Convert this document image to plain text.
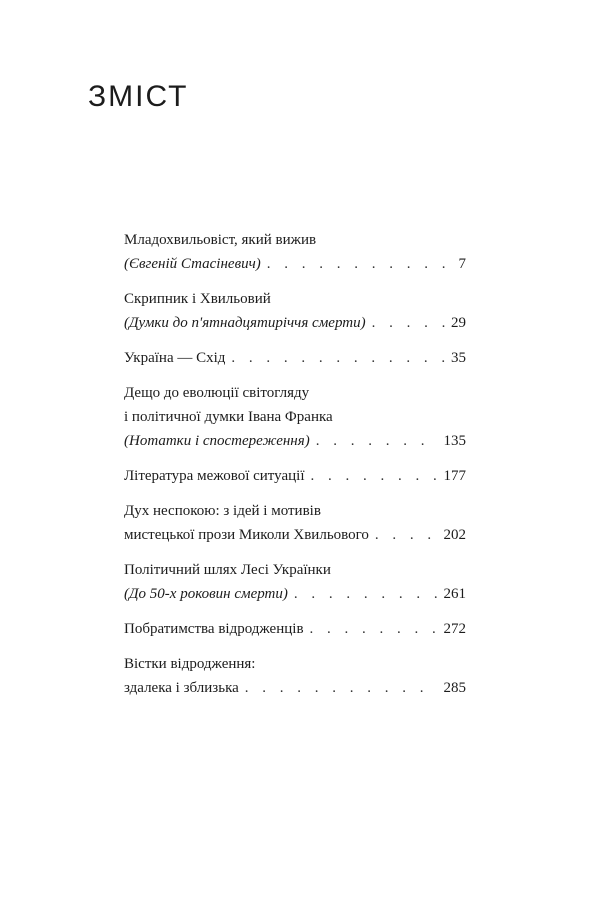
ЗМІСТ
Младохвильовіст, який вижив
(Євгеній Стасіневич) . . .	7
Скрипник і Хвильовий
(Думки до п'ятнадцятиріччя смерти) . . .	29
Україна — Схід . . .	35
Дещо до еволюції світогляду
і політичної думки Івана Франка
(Нотатки і спостереження) . . .	135
Література межової ситуації . . .	177
Дух неспокою: з ідей і мотивів
мистецької прози Миколи Хвильового . . .	202
Політичний шлях Лесі Українки
(До 50-х роковин смерти) . . .	261
Побратимства відродженців . . .	272
Вістки відродження:
здалека і зблизька . . .	285
